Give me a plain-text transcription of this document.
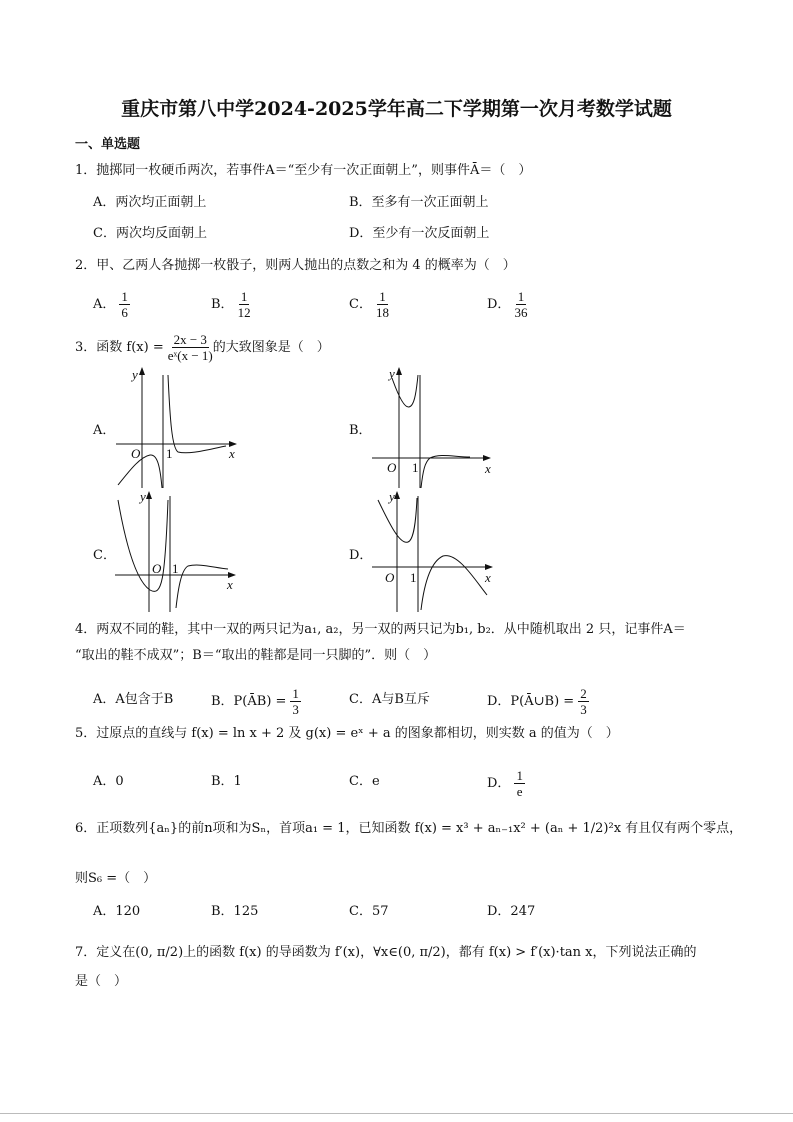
重庆市第八中学2024-2025学年高二下学期第一次月考数学试题
一、单选题
1．抛掷同一枚硬币两次，若事件A＝“至少有一次正面朝上”，则事件Ā＝（　）
A．两次均正面朝上	B．至多有一次正面朝上
C．两次均反面朝上	D．至少有一次反面朝上
2．甲、乙两人各抛掷一枚骰子，则两人抛出的点数之和为 4 的概率为（　）
A． $\frac{1}{6}$	B． $\frac{1}{12}$	C． $\frac{1}{18}$	D． $\frac{1}{36}$
3．函数 $f(x) = \frac{2x - 3}{\text{eˣ(x − 1)}}$ 的大致图象是（　）
A．	B．
C．	D．
O 1	x
y
O 1	x
y
O 1
x
y
O 1	x
y
4．两双不同的鞋，其中一双的两只记为a₁, a₂，另一双的两只记为b₁, b₂．从中随机取出 2 只，记事件A＝
“取出的鞋不成双”；B＝“取出的鞋都是同一只脚的”．则（　）
A．A包含于B	B．P(ĀB) = $\frac{1}{3}$	C．A与B互斥	D．P(Ā∪B) = $\frac{2}{3}$
5．过原点的直线与 f(x) = ln x + 2 及 g(x) = eˣ + a 的图象都相切，则实数 a 的值为（　）
A．0	B．1	C．e	D． $\frac{1}{e}$
6．正项数列{aₙ}的前n项和为Sₙ，首项a₁ = 1，已知函数 f(x) = x³ + aₙ₋₁x² + (aₙ + 1/2)²x 有且仅有两个零点，
则S₆ =（　）
A．120	B．125	C．57	D．247
7．定义在(0, π/2)上的函数 f(x) 的导函数为 f′(x)，∀x∈(0, π/2)，都有 f(x) > f′(x)·tan x，下列说法正确的
是（　）
